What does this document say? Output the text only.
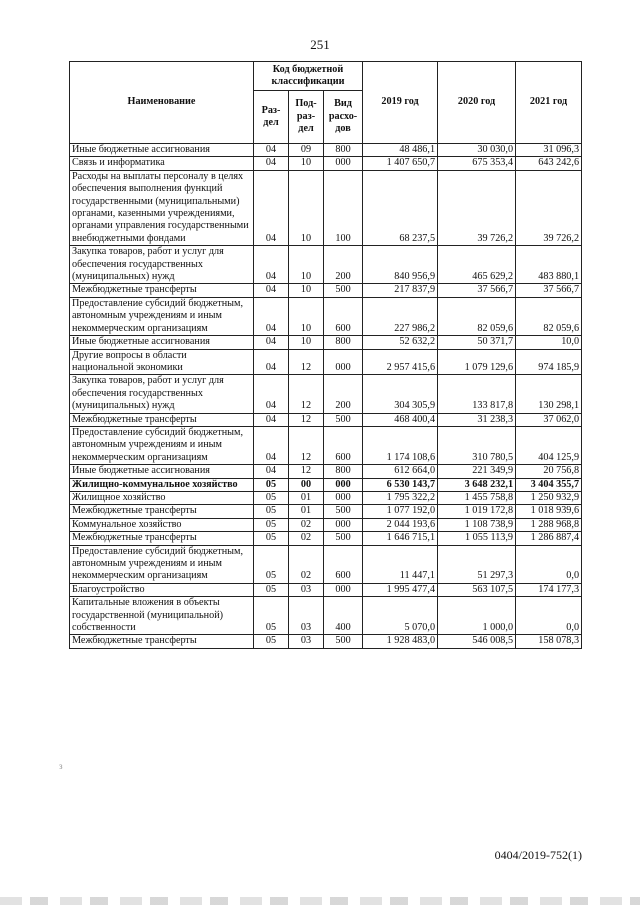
251
Наименование	Код бюджетной классификации			2019 год	2020 год	2021 год
	Раз- дел	Под- раз- дел	Вид расхо- дов			
Иные бюджетные ассигнования	04	09	800	48 486,1	30 030,0	31 096,3
Связь и информатика	04	10	000	1 407 650,7	675 353,4	643 242,6
Расходы на выплаты персоналу в целях обеспечения выполнения функций государственными (муниципальными) органами, казенными учреждениями, органами управления государственными внебюджетными фондами	04	10	100	68 237,5	39 726,2	39 726,2
Закупка товаров, работ и услуг для обеспечения государственных (муниципальных) нужд	04	10	200	840 956,9	465 629,2	483 880,1
Межбюджетные трансферты	04	10	500	217 837,9	37 566,7	37 566,7
Предоставление субсидий бюджетным, автономным учреждениям и иным некоммерческим организациям	04	10	600	227 986,2	82 059,6	82 059,6
Иные бюджетные ассигнования	04	10	800	52 632,2	50 371,7	10,0
Другие вопросы в области национальной экономики	04	12	000	2 957 415,6	1 079 129,6	974 185,9
Закупка товаров, работ и услуг для обеспечения государственных (муниципальных) нужд	04	12	200	304 305,9	133 817,8	130 298,1
Межбюджетные трансферты	04	12	500	468 400,4	31 238,3	37 062,0
Предоставление субсидий бюджетным, автономным учреждениям и иным некоммерческим организациям	04	12	600	1 174 108,6	310 780,5	404 125,9
Иные бюджетные ассигнования	04	12	800	612 664,0	221 349,9	20 756,8
Жилищно-коммунальное хозяйство	05	00	000	6 530 143,7	3 648 232,1	3 404 355,7
Жилищное хозяйство	05	01	000	1 795 322,2	1 455 758,8	1 250 932,9
Межбюджетные трансферты	05	01	500	1 077 192,0	1 019 172,8	1 018 939,6
Коммунальное хозяйство	05	02	000	2 044 193,6	1 108 738,9	1 288 968,8
Межбюджетные трансферты	05	02	500	1 646 715,1	1 055 113,9	1 286 887,4
Предоставление субсидий бюджетным, автономным учреждениям и иным некоммерческим организациям	05	02	600	11 447,1	51 297,3	0,0
Благоустройство	05	03	000	1 995 477,4	563 107,5	174 177,3
Капитальные вложения в объекты государственной (муниципальной) собственности	05	03	400	5 070,0	1 000,0	0,0
Межбюджетные трансферты	05	03	500	1 928 483,0	546 008,5	158 078,3
з
0404/2019-752(1)
